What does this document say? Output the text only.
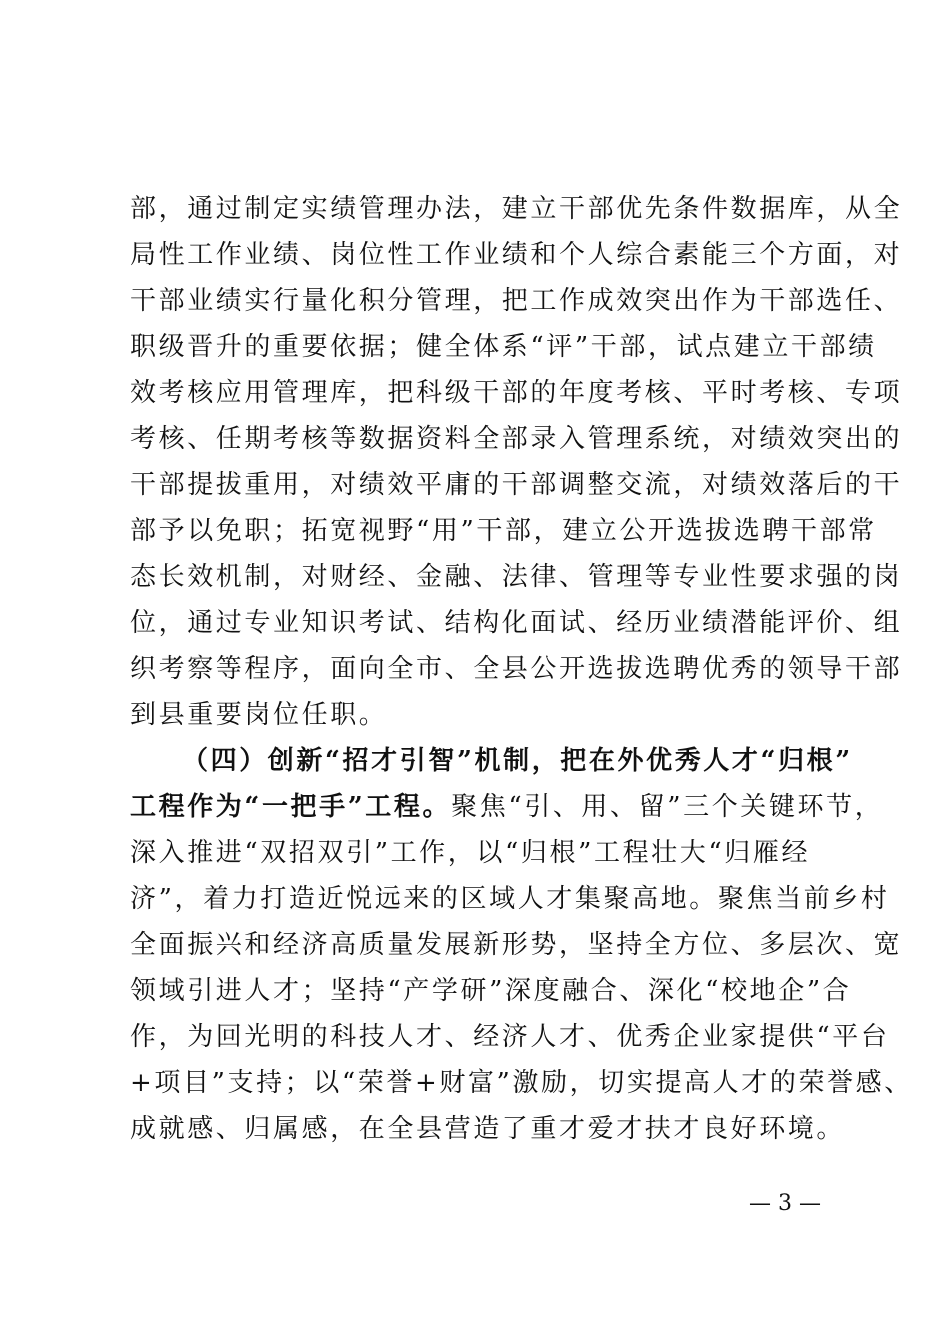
部，通过制定实绩管理办法，建立干部优先条件数据库，从全
局性工作业绩、岗位性工作业绩和个人综合素能三个方面，对
干部业绩实行量化积分管理，把工作成效突出作为干部选任、
职级晋升的重要依据；健全体系“评”干部，试点建立干部绩
效考核应用管理库，把科级干部的年度考核、平时考核、专项
考核、任期考核等数据资料全部录入管理系统，对绩效突出的
干部提拔重用，对绩效平庸的干部调整交流，对绩效落后的干
部予以免职；拓宽视野“用”干部，建立公开选拔选聘干部常
态长效机制，对财经、金融、法律、管理等专业性要求强的岗
位，通过专业知识考试、结构化面试、经历业绩潜能评价、组
织考察等程序，面向全市、全县公开选拔选聘优秀的领导干部
到县重要岗位任职。
（四）创新“招才引智”机制，把在外优秀人才“归根”
工程作为“一把手”工程。聚焦“引、用、留”三个关键环节，
深入推进“双招双引”工作，以“归根”工程壮大“归雁经
济”，着力打造近悦远来的区域人才集聚高地。聚焦当前乡村
全面振兴和经济高质量发展新形势，坚持全方位、多层次、宽
领域引进人才；坚持“产学研”深度融合、深化“校地企”合
作，为回光明的科技人才、经济人才、优秀企业家提供“平台
+项目”支持；以“荣誉+财富”激励，切实提高人才的荣誉感、
成就感、归属感，在全县营造了重才爱才扶才良好环境。
— 3 —
